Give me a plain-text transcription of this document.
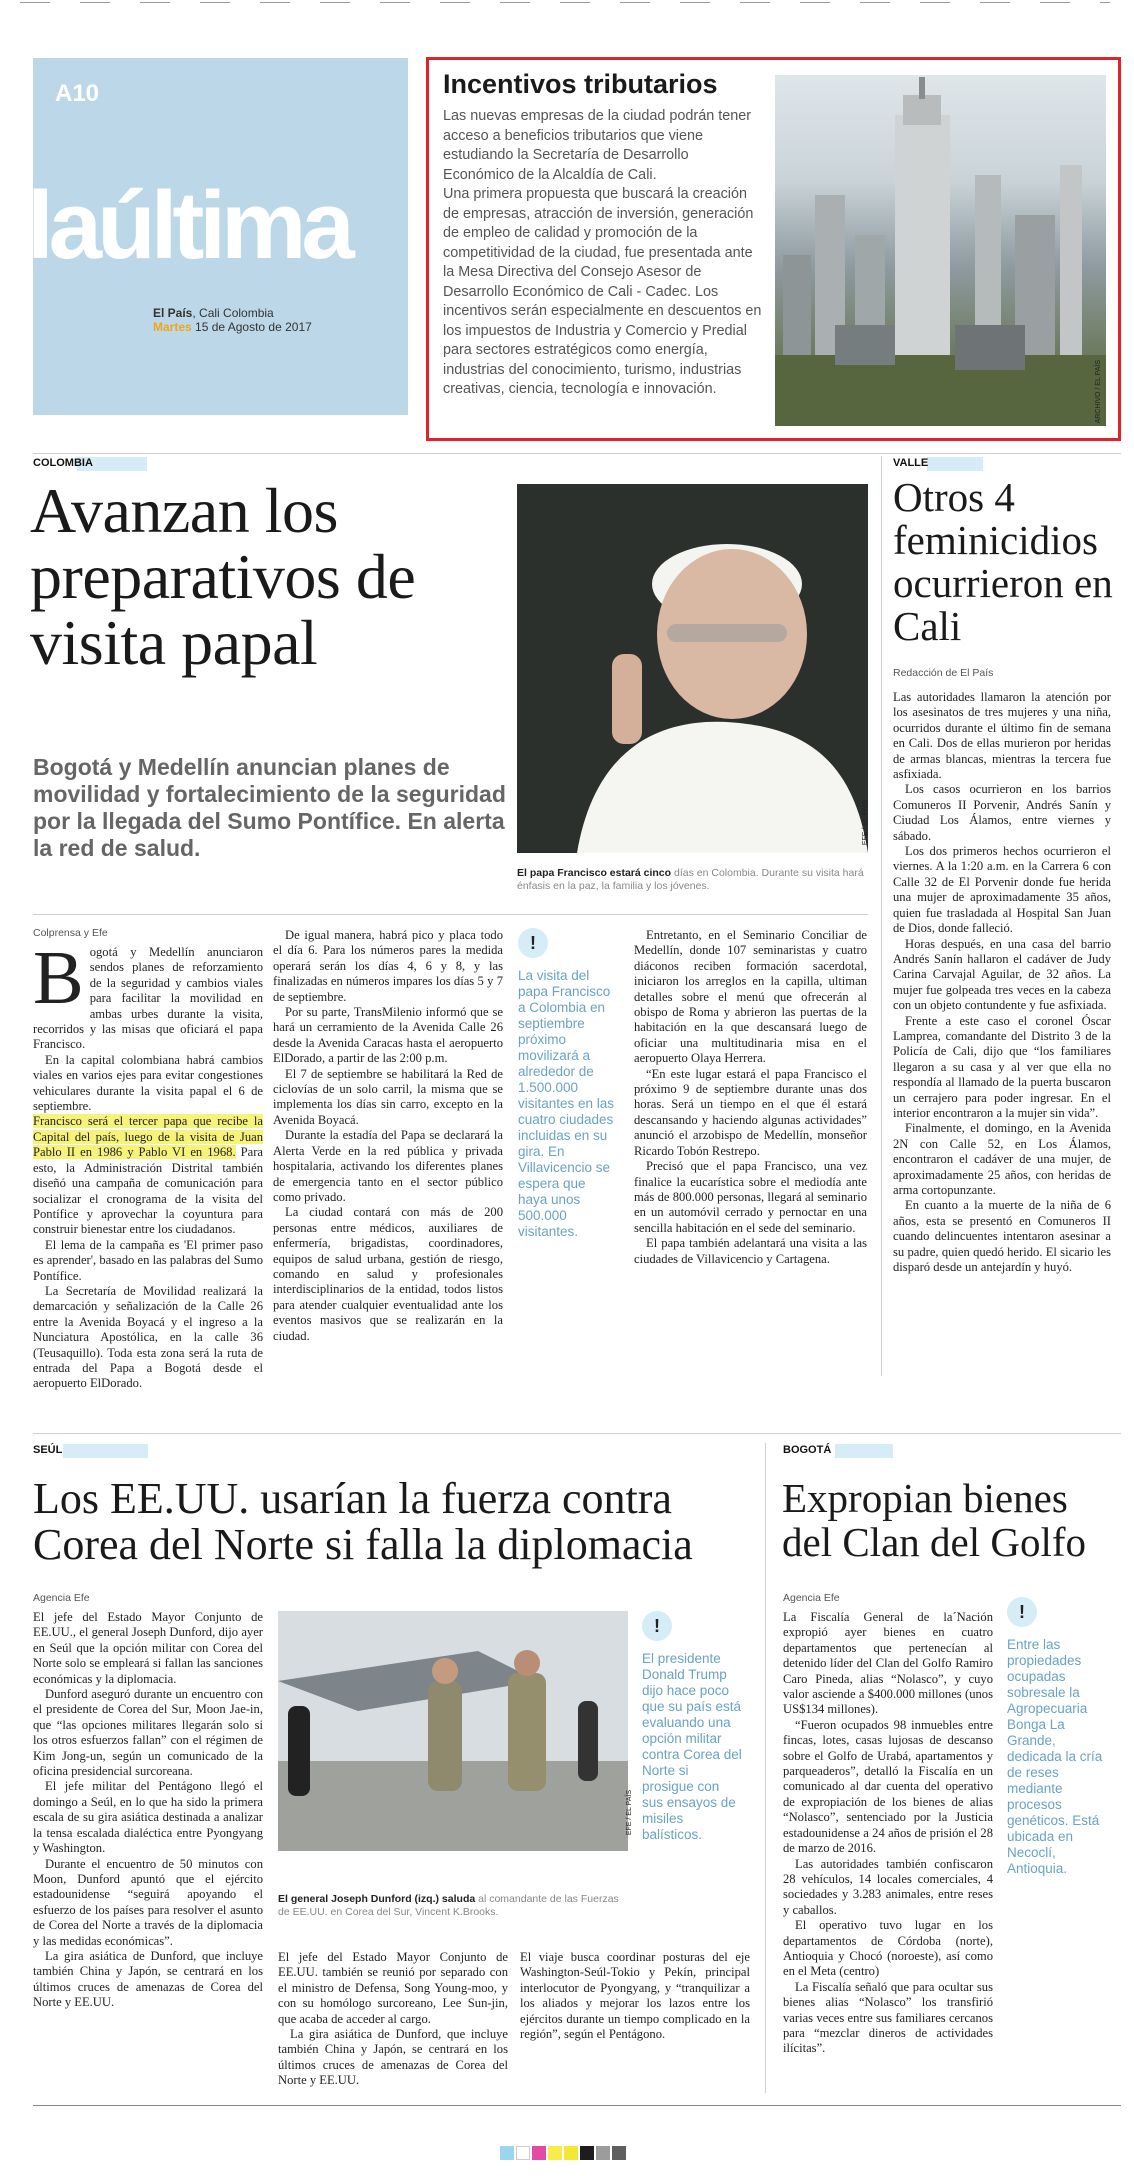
A10
laúltima
El País, Cali Colombia
Martes 15 de Agosto de 2017
Incentivos tributarios

Las nuevas empresas de la ciudad podrán tener acceso a beneficios tributarios que viene estudiando la Secretaría de Desarrollo Económico de la Alcaldía de Cali.

Una primera propuesta que buscará la creación de empresas, atracción de inversión, generación de empleo de calidad y promoción de la competitividad de la ciudad, fue presentada ante la Mesa Directiva del Consejo Asesor de Desarrollo Económico de Cali - Cadec. Los incentivos serán especialmente en descuentos en los impuestos de Industria y Comercio y Predial para sectores estratégicos como energía, industrias del conocimiento, turismo, industrias creativas, ciencia, tecnología e innovación.	ARCHIVO / EL PAÍS
COLOMBIA
Avanzan los preparativos de visita papal
Bogotá y Medellín anuncian planes de movilidad y fortalecimiento de la seguridad por la llegada del Sumo Pontífice. En alerta la red de salud.
EFE / EL PAÍS
El papa Francisco estará cinco días en Colombia. Durante su visita hará énfasis en la paz, la familia y los jóvenes.
Colprensa y Efe
B ogotá y Medellín anunciaron sendos planes de reforzamiento de la seguridad y cambios viales para facilitar la movilidad en ambas urbes durante la visita, recorridos y las misas que oficiará el papa Francisco.

En la capital colombiana habrá cambios viales en varios ejes para evitar congestiones vehiculares durante la visita papal el 6 de septiembre.

Francisco será el tercer papa que recibe la Capital del país, luego de la visita de Juan Pablo II en 1986 y Pablo VI en 1968. Para esto, la Administración Distrital también diseñó una campaña de comunicación para socializar el cronograma de la visita del Pontífice y aprovechar la coyuntura para construir bienestar entre los ciudadanos.

El lema de la campaña es 'El primer paso es aprender', basado en las palabras del Sumo Pontífice.

La Secretaría de Movilidad realizará la demarcación y señalización de la Calle 26 entre la Avenida Boyacá y el ingreso a la Nunciatura Apostólica, en la calle 36 (Teusaquillo). Toda esta zona será la ruta de entrada del Papa a Bogotá desde el aeropuerto ElDorado.

De igual manera, habrá pico y placa todo el día 6. Para los números pares la medida operará serán los días 4, 6 y 8, y las finalizadas en números impares los días 5 y 7 de septiembre.

Por su parte, TransMilenio informó que se hará un cerramiento de la Avenida Calle 26 desde la Avenida Caracas hasta el aeropuerto ElDorado, a partir de las 2:00 p.m.

El 7 de septiembre se habilitará la Red de ciclovías de un solo carril, la misma que se implementa los días sin carro, excepto en la Avenida Boyacá.

Durante la estadía del Papa se declarará la Alerta Verde en la red pública y privada hospitalaria, activando los diferentes planes de emergencia tanto en el sector público como privado.

La ciudad contará con más de 200 personas entre médicos, auxiliares de enfermería, brigadistas, coordinadores, equipos de salud urbana, gestión de riesgo, comando en salud y profesionales interdisciplinarios de la entidad, todos listos para atender cualquier eventualidad ante los eventos masivos que se realizarán en la ciudad.

!
La visita del papa Francisco a Colombia en septiembre próximo movilizará a alrededor de 1.500.000 visitantes en las cuatro ciudades incluidas en su gira. En Villavicencio se espera que haya unos 500.000 visitantes.

Entretanto, en el Seminario Conciliar de Medellín, donde 107 seminaristas y cuatro diáconos reciben formación sacerdotal, iniciaron los arreglos en la capilla, ultiman detalles sobre el menú que ofrecerán al obispo de Roma y abrieron las puertas de la habitación en la que descansará luego de oficiar una multitudinaria misa en el aeropuerto Olaya Herrera.

“En este lugar estará el papa Francisco el próximo 9 de septiembre durante unas dos horas. Será un tiempo en el que él estará descansando y haciendo algunas actividades” anunció el arzobispo de Medellín, monseñor Ricardo Tobón Restrepo.

Precisó que el papa Francisco, una vez finalice la eucarística sobre el mediodía ante más de 800.000 personas, llegará al seminario en un automóvil cerrado y pernoctar en una sencilla habitación en el sede del seminario.

El papa también adelantará una visita a las ciudades de Villavicencio y Cartagena.

VALLE
Otros 4 feminicidios ocurrieron en Cali
Redacción de El País

Las autoridades llamaron la atención por los asesinatos de tres mujeres y una niña, ocurridos durante el último fin de semana en Cali. Dos de ellas murieron por heridas de armas blancas, mientras la tercera fue asfixiada.

Los casos ocurrieron en los barrios Comuneros II Porvenir, Andrés Sanín y Ciudad Los Álamos, entre viernes y sábado.

Los dos primeros hechos ocurrieron el viernes. A la 1:20 a.m. en la Carrera 6 con Calle 32 de El Porvenir donde fue herida una mujer de aproximadamente 35 años, quien fue trasladada al Hospital San Juan de Dios, donde falleció.

Horas después, en una casa del barrio Andrés Sanín hallaron el cadáver de Judy Carina Carvajal Aguilar, de 32 años. La mujer fue golpeada tres veces en la cabeza con un objeto contundente y fue asfixiada.

Frente a este caso el coronel Óscar Lamprea, comandante del Distrito 3 de la Policía de Cali, dijo que “los familiares llegaron a su casa y al ver que ella no respondía al llamado de la puerta buscaron un cerrajero para poder ingresar. En el interior encontraron a la mujer sin vida”.

Finalmente, el domingo, en la Avenida 2N con Calle 52, en Los Álamos, encontraron el cadáver de una mujer, de aproximadamente 25 años, con heridas de arma cortopunzante.

En cuanto a la muerte de la niña de 6 años, esta se presentó en Comuneros II cuando delincuentes intentaron asesinar a su padre, quien quedó herido. El sicario les disparó desde un antejardín y huyó.

SEÚL
Los EE.UU. usarían la fuerza contra Corea del Norte si falla la diplomacia
Agencia Efe

El jefe del Estado Mayor Conjunto de EE.UU., el general Joseph Dunford, dijo ayer en Seúl que la opción militar con Corea del Norte solo se empleará si fallan las sanciones económicas y la diplomacia.

Dunford aseguró durante un encuentro con el presidente de Corea del Sur, Moon Jae-in, que “las opciones militares llegarán solo si los otros esfuerzos fallan” con el régimen de Kim Jong-un, según un comunicado de la oficina presidencial surcoreana.

El jefe militar del Pentágono llegó el domingo a Seúl, en lo que ha sido la primera escala de su gira asiática destinada a analizar la tensa escalada dialéctica entre Pyongyang y Washington.

Durante el encuentro de 50 minutos con Moon, Dunford apuntó que el ejército estadounidense “seguirá apoyando el esfuerzo de los países para resolver el asunto de Corea del Norte a través de la diplomacia y las medidas económicas”.

La gira asiática de Dunford, que incluye también China y Japón, se centrará en los últimos cruces de amenazas de Corea del Norte y EE.UU.

EFE / EL PAÍS
El general Joseph Dunford (izq.) saluda al comandante de las Fuerzas de EE.UU. en Corea del Sur, Vincent K.Brooks.

El jefe del Estado Mayor Conjunto de EE.UU. también se reunió por separado con el ministro de Defensa, Song Young-moo, y con su homólogo surcoreano, Lee Sun-jin, que acaba de acceder al cargo.

La gira asiática de Dunford, que incluye también China y Japón, se centrará en los últimos cruces de amenazas de Corea del Norte y EE.UU.

El viaje busca coordinar posturas del eje Washington-Seúl-Tokio y Pekín, principal interlocutor de Pyongyang, y “tranquilizar a los aliados y mejorar los lazos entre los ejércitos durante un tiempo complicado en la región”, según el Pentágono.

!
El presidente Donald Trump dijo hace poco que su país está evaluando una opción militar contra Corea del Norte si prosigue con sus ensayos de misiles balísticos.
BOGOTÁ
Expropian bienes del Clan del Golfo
Agencia Efe

La Fiscalía General de la´Nación expropió ayer bienes en cuatro departamentos que pertenecían al detenido líder del Clan del Golfo Ramiro Caro Pineda, alias “Nolasco”, y cuyo valor asciende a $400.000 millones (unos US$134 millones).

“Fueron ocupados 98 inmuebles entre fincas, lotes, casas lujosas de descanso sobre el Golfo de Urabá, apartamentos y parqueaderos”, detalló la Fiscalía en un comunicado al dar cuenta del operativo de expropiación de los bienes de alias “Nolasco”, sentenciado por la Justicia estadounidense a 24 años de prisión el 28 de marzo de 2016.

Las autoridades también confiscaron 28 vehículos, 14 locales comerciales, 4 sociedades y 3.283 animales, entre reses y caballos.

El operativo tuvo lugar en los departamentos de Córdoba (norte), Antioquia y Chocó (noroeste), así como en el Meta (centro)

La Fiscalía señaló que para ocultar sus bienes alias “Nolasco” los transfirió varias veces entre sus familiares cercanos para “mezclar dineros de actividades ilícitas”.

!
Entre las propiedades ocupadas sobresale la Agropecuaria Bonga La Grande, dedicada la cría de reses mediante procesos genéticos. Está ubicada en Necoclí, Antioquia.
